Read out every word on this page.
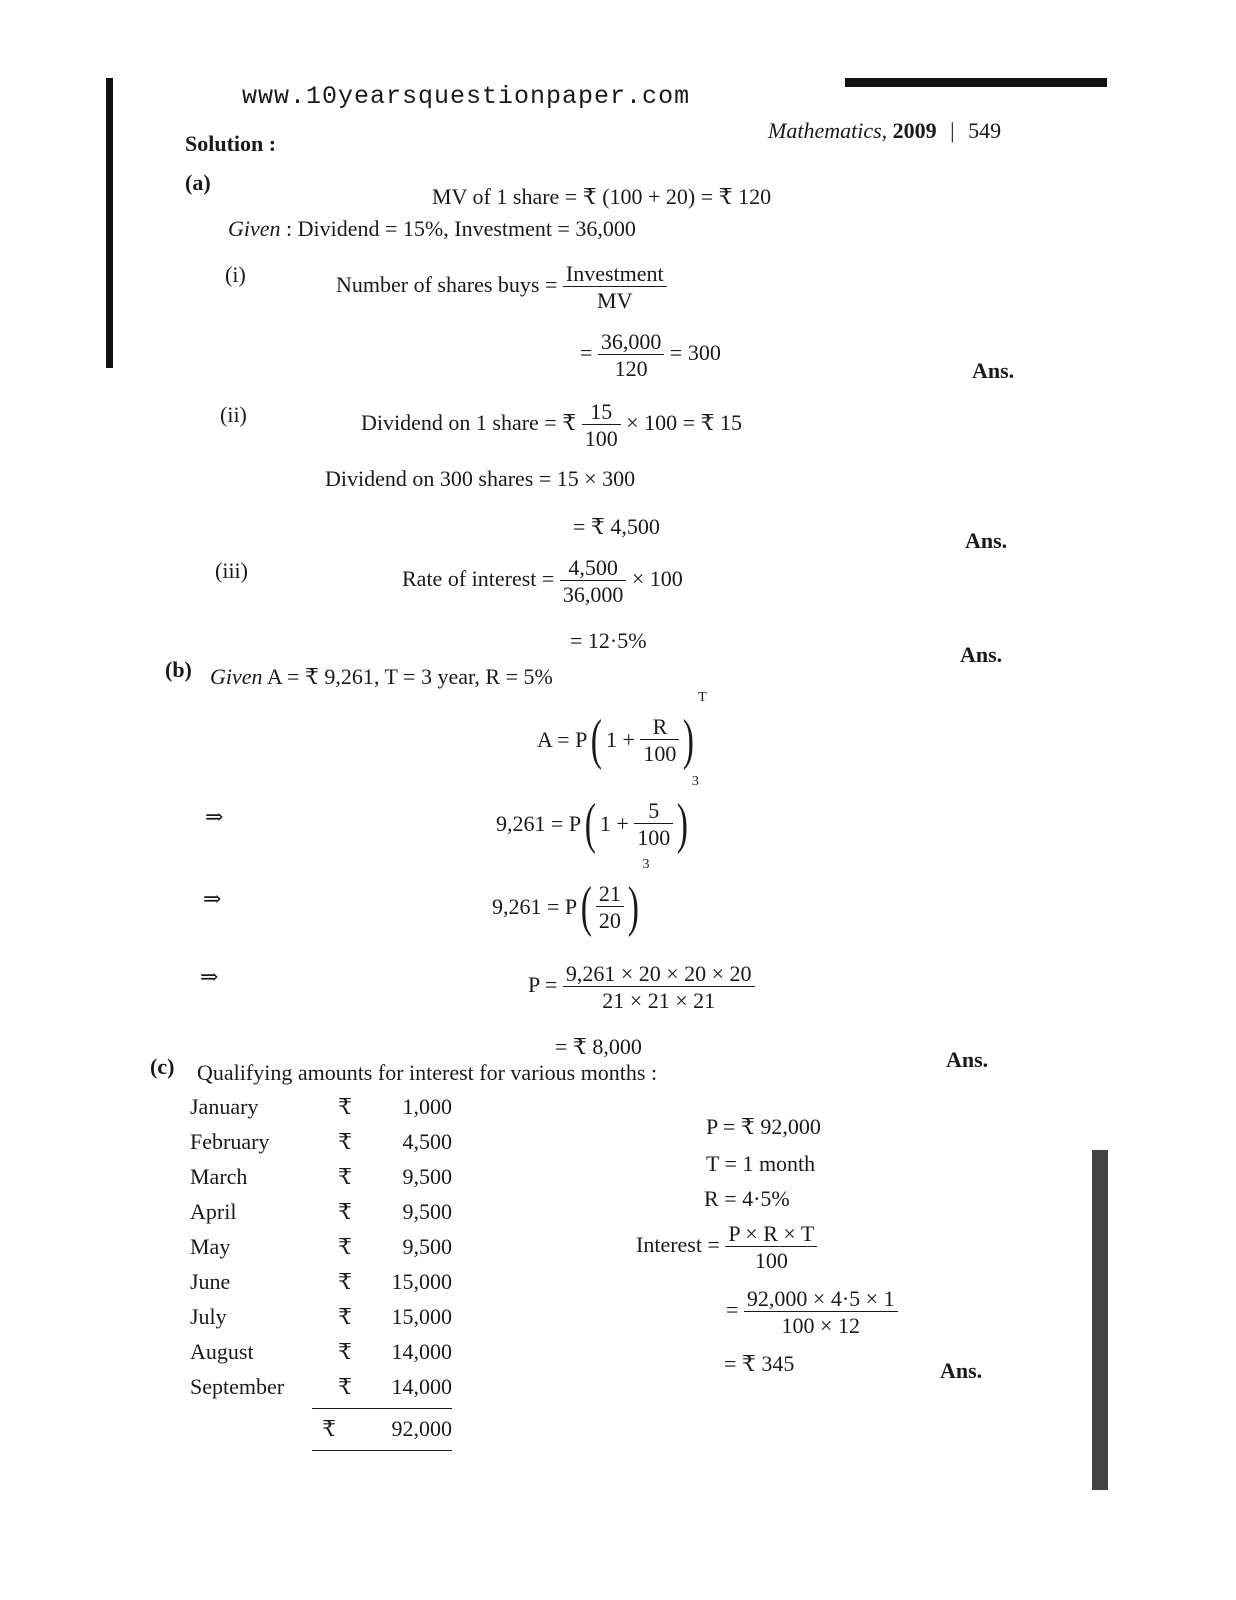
www.10yearsquestionpaper.com
Mathematics, 2009 | 549
Solution :
(a)
MV of 1 share = ₹ (100 + 20) = ₹ 120
Given : Dividend = 15%, Investment = 36,000
(i)	Number of shares buys = $\frac{\text{Investment}}{MV}$
= $\frac{36,000}{120} = 300$
Ans.
(ii)	Dividend on 1 share = ₹ $\frac{15}{100} \times 100$ = ₹ 15
Dividend on 300 shares = 15 × 300
= ₹ 4,500
Ans.
(iii)	Rate of interest = $\frac{4,500}{36,000} \times 100$
= 12·5%
Ans.
(b) Given A = ₹ 9,261, T = 3 year, R = 5%
A = P( $1 + \frac{R}{100} )^T$
⇒	9,261 = P( $1 + \frac{5}{100} )^3$
⇒	$9,261 = P( \frac{21}{20} )^3$
⇒	$P = \frac{9,261 \times 20 \times 20 \times 20}{21 \times 21 \times 21}$
= ₹ 8,000
Ans.
(c) Qualifying amounts for interest for various months :
January	₹ 1,000
February	₹ 4,500
March	₹ 9,500
April	₹ 9,500
May	₹ 9,500
June	₹ 15,000
July	₹ 15,000
August	₹ 14,000
September ₹ 14,000
₹	92,000
P = ₹ 92,000
T = 1 month
R = 4·5%
Interest = $\frac{P \times R \times T}{100}$
= $\frac{92,000 \times 4\cdot 5 \times 1}{100 \times 12}$
= ₹ 345	Ans.
